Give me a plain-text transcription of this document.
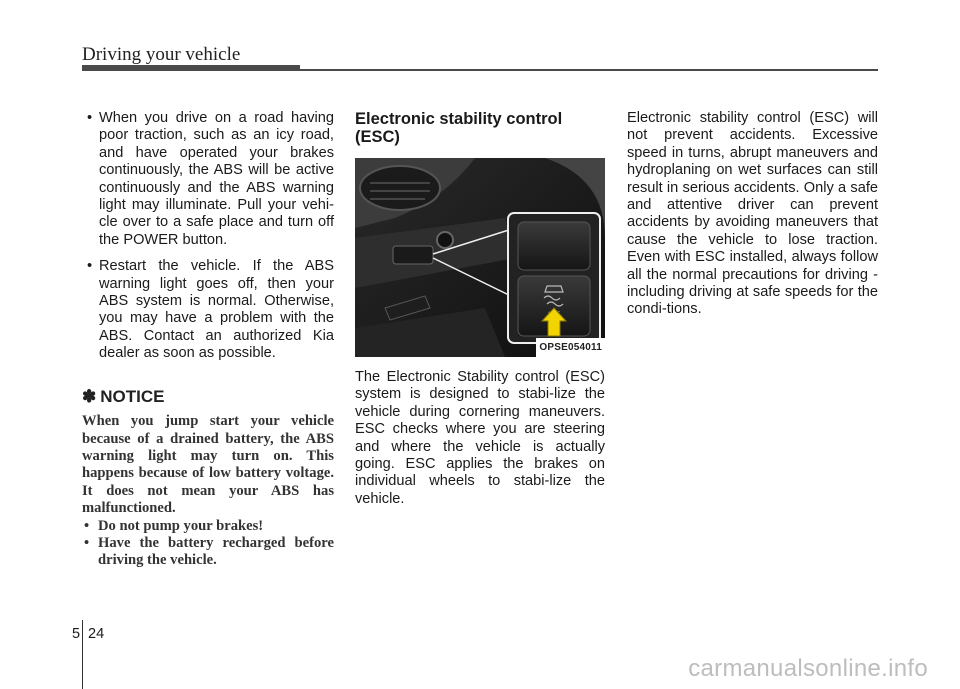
Driving your vehicle
• When you drive on a road having poor traction, such as an icy road, and have operated your brakes continuously, the ABS will be active continuously and the ABS warning light may illuminate. Pull your vehi-cle over to a safe place and turn off the POWER button.
• Restart the vehicle. If the ABS warning light goes off, then your ABS system is normal. Otherwise, you may have a problem with the ABS. Contact an authorized Kia dealer as soon as possible.
✽ NOTICE

When you jump start your vehicle because of a drained battery, the ABS warning light may turn on. This happens because of low battery voltage. It does not mean your ABS has malfunctioned.

• Do not pump your brakes!
• Have the battery recharged before driving the vehicle.
Electronic stability control (ESC)
OPSE054011

The Electronic Stability control (ESC) system is designed to stabi-lize the vehicle during cornering maneuvers. ESC checks where you are steering and where the vehicle is actually going. ESC applies the brakes on individual wheels to stabi-lize the vehicle.

Electronic stability control (ESC) will not prevent accidents. Excessive speed in turns, abrupt maneuvers and hydroplaning on wet surfaces can still result in serious accidents. Only a safe and attentive driver can prevent accidents by avoiding maneuvers that cause the vehicle to lose traction. Even with ESC installed, always follow all the normal precautions for driving - including driving at safe speeds for the condi-tions.

5 24
carmanualsonline.info
